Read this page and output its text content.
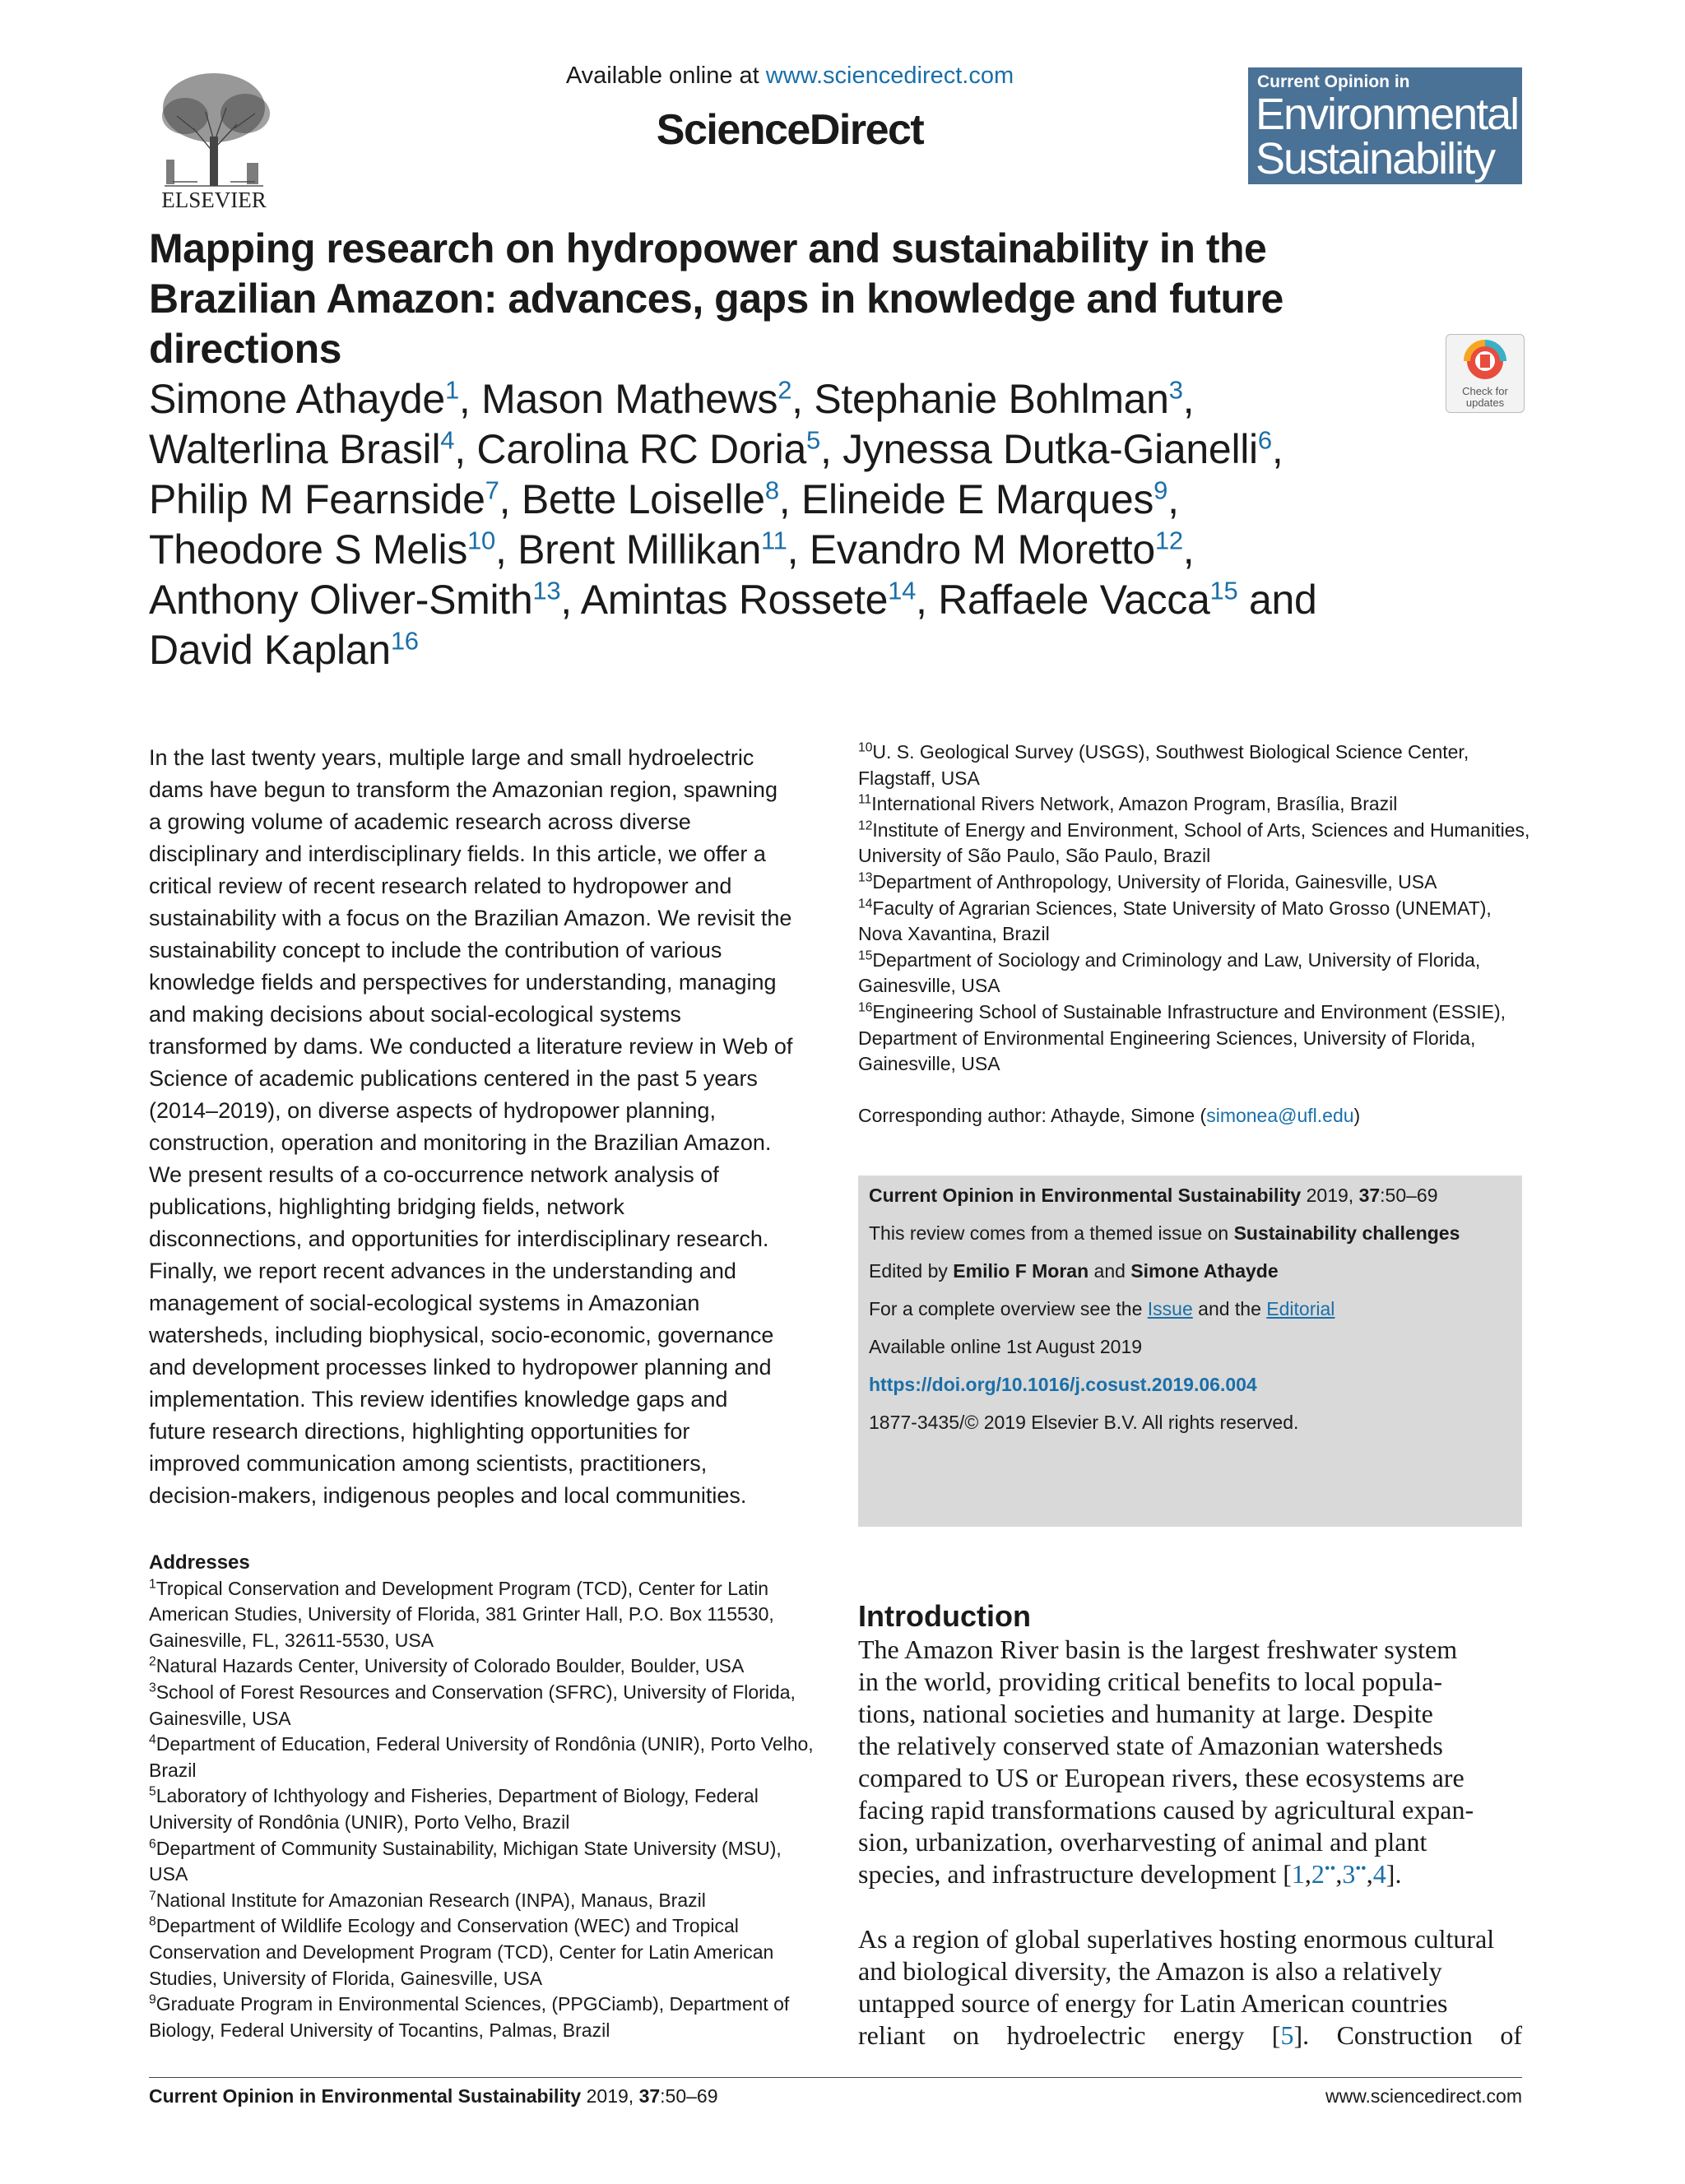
ELSEVIER
Available online at www.sciencedirect.com
ScienceDirect
Current Opinion in
Environmental
Sustainability
Mapping research on hydropower and sustainability in the Brazilian Amazon: advances, gaps in knowledge and future directions
Check for updates
Simone Athayde$^1$, Mason Mathews$^2$, Stephanie Bohlman$^3$, Walterlina Brasil$^4$, Carolina RC Doria$^5$, Jynessa Dutka-Gianelli$^6$, Philip M Fearnside$^7$, Bette Loiselle$^8$, Elineide E Marques$^9$, Theodore S Melis$^{10}$, Brent Millikan$^{11}$, Evandro M Moretto$^{12}$, Anthony Oliver-Smith$^{13}$, Amintas Rossete$^{14}$, Raffaele Vacca$^{15}$ and David Kaplan$^{16}$
In the last twenty years, multiple large and small hydroelectric
dams have begun to transform the Amazonian region, spawning
a growing volume of academic research across diverse
disciplinary and interdisciplinary fields. In this article, we offer a
critical review of recent research related to hydropower and
sustainability with a focus on the Brazilian Amazon. We revisit the
sustainability concept to include the contribution of various
knowledge fields and perspectives for understanding, managing
and making decisions about social-ecological systems
transformed by dams. We conducted a literature review in Web of
Science of academic publications centered in the past 5 years
(2014–2019), on diverse aspects of hydropower planning,
construction, operation and monitoring in the Brazilian Amazon.
We present results of a co-occurrence network analysis of
publications, highlighting bridging fields, network
disconnections, and opportunities for interdisciplinary research.
Finally, we report recent advances in the understanding and
management of social-ecological systems in Amazonian
watersheds, including biophysical, socio-economic, governance
and development processes linked to hydropower planning and
implementation. This review identifies knowledge gaps and
future research directions, highlighting opportunities for
improved communication among scientists, practitioners,
decision-makers, indigenous peoples and local communities.
Addresses
$^1$Tropical Conservation and Development Program (TCD), Center for Latin American Studies, University of Florida, 381 Grinter Hall, P.O. Box 115530, Gainesville, FL, 32611-5530, USA
$^2$Natural Hazards Center, University of Colorado Boulder, Boulder, USA
$^3$School of Forest Resources and Conservation (SFRC), University of Florida, Gainesville, USA
$^4$Department of Education, Federal University of Rondônia (UNIR), Porto Velho, Brazil
$^5$Laboratory of Ichthyology and Fisheries, Department of Biology, Federal University of Rondônia (UNIR), Porto Velho, Brazil
$^6$Department of Community Sustainability, Michigan State University (MSU), USA
$^7$National Institute for Amazonian Research (INPA), Manaus, Brazil
$^8$Department of Wildlife Ecology and Conservation (WEC) and Tropical Conservation and Development Program (TCD), Center for Latin American Studies, University of Florida, Gainesville, USA
$^9$Graduate Program in Environmental Sciences, (PPGCiamb), Department of Biology, Federal University of Tocantins, Palmas, Brazil
$^{10}$U. S. Geological Survey (USGS), Southwest Biological Science Center, Flagstaff, USA
$^{11}$International Rivers Network, Amazon Program, Brasília, Brazil
$^{12}$Institute of Energy and Environment, School of Arts, Sciences and Humanities, University of São Paulo, São Paulo, Brazil
$^{13}$Department of Anthropology, University of Florida, Gainesville, USA
$^{14}$Faculty of Agrarian Sciences, State University of Mato Grosso (UNEMAT), Nova Xavantina, Brazil
$^{15}$Department of Sociology and Criminology and Law, University of Florida, Gainesville, USA
$^{16}$Engineering School of Sustainable Infrastructure and Environment (ESSIE), Department of Environmental Engineering Sciences, University of Florida, Gainesville, USA
Corresponding author: Athayde, Simone (simonea@ufl.edu)
Current Opinion in Environmental Sustainability 2019, 37:50–69
This review comes from a themed issue on Sustainability challenges
Edited by Emilio F Moran and Simone Athayde
For a complete overview see the Issue and the Editorial
Available online 1st August 2019
https://doi.org/10.1016/j.cosust.2019.06.004
1877-3435/© 2019 Elsevier B.V. All rights reserved.
Introduction

The Amazon River basin is the largest freshwater system
in the world, providing critical benefits to local popula-
tions, national societies and humanity at large. Despite
the relatively conserved state of Amazonian watersheds
compared to US or European rivers, these ecosystems are
facing rapid transformations caused by agricultural expan-
sion, urbanization, overharvesting of animal and plant
species, and infrastructure development [1,2••,3••,4].

As a region of global superlatives hosting enormous cultural
and biological diversity, the Amazon is also a relatively
untapped source of energy for Latin American countries
reliant on hydroelectric energy [5]. Construction of

Current Opinion in Environmental Sustainability 2019, 37:50–69	www.sciencedirect.com
